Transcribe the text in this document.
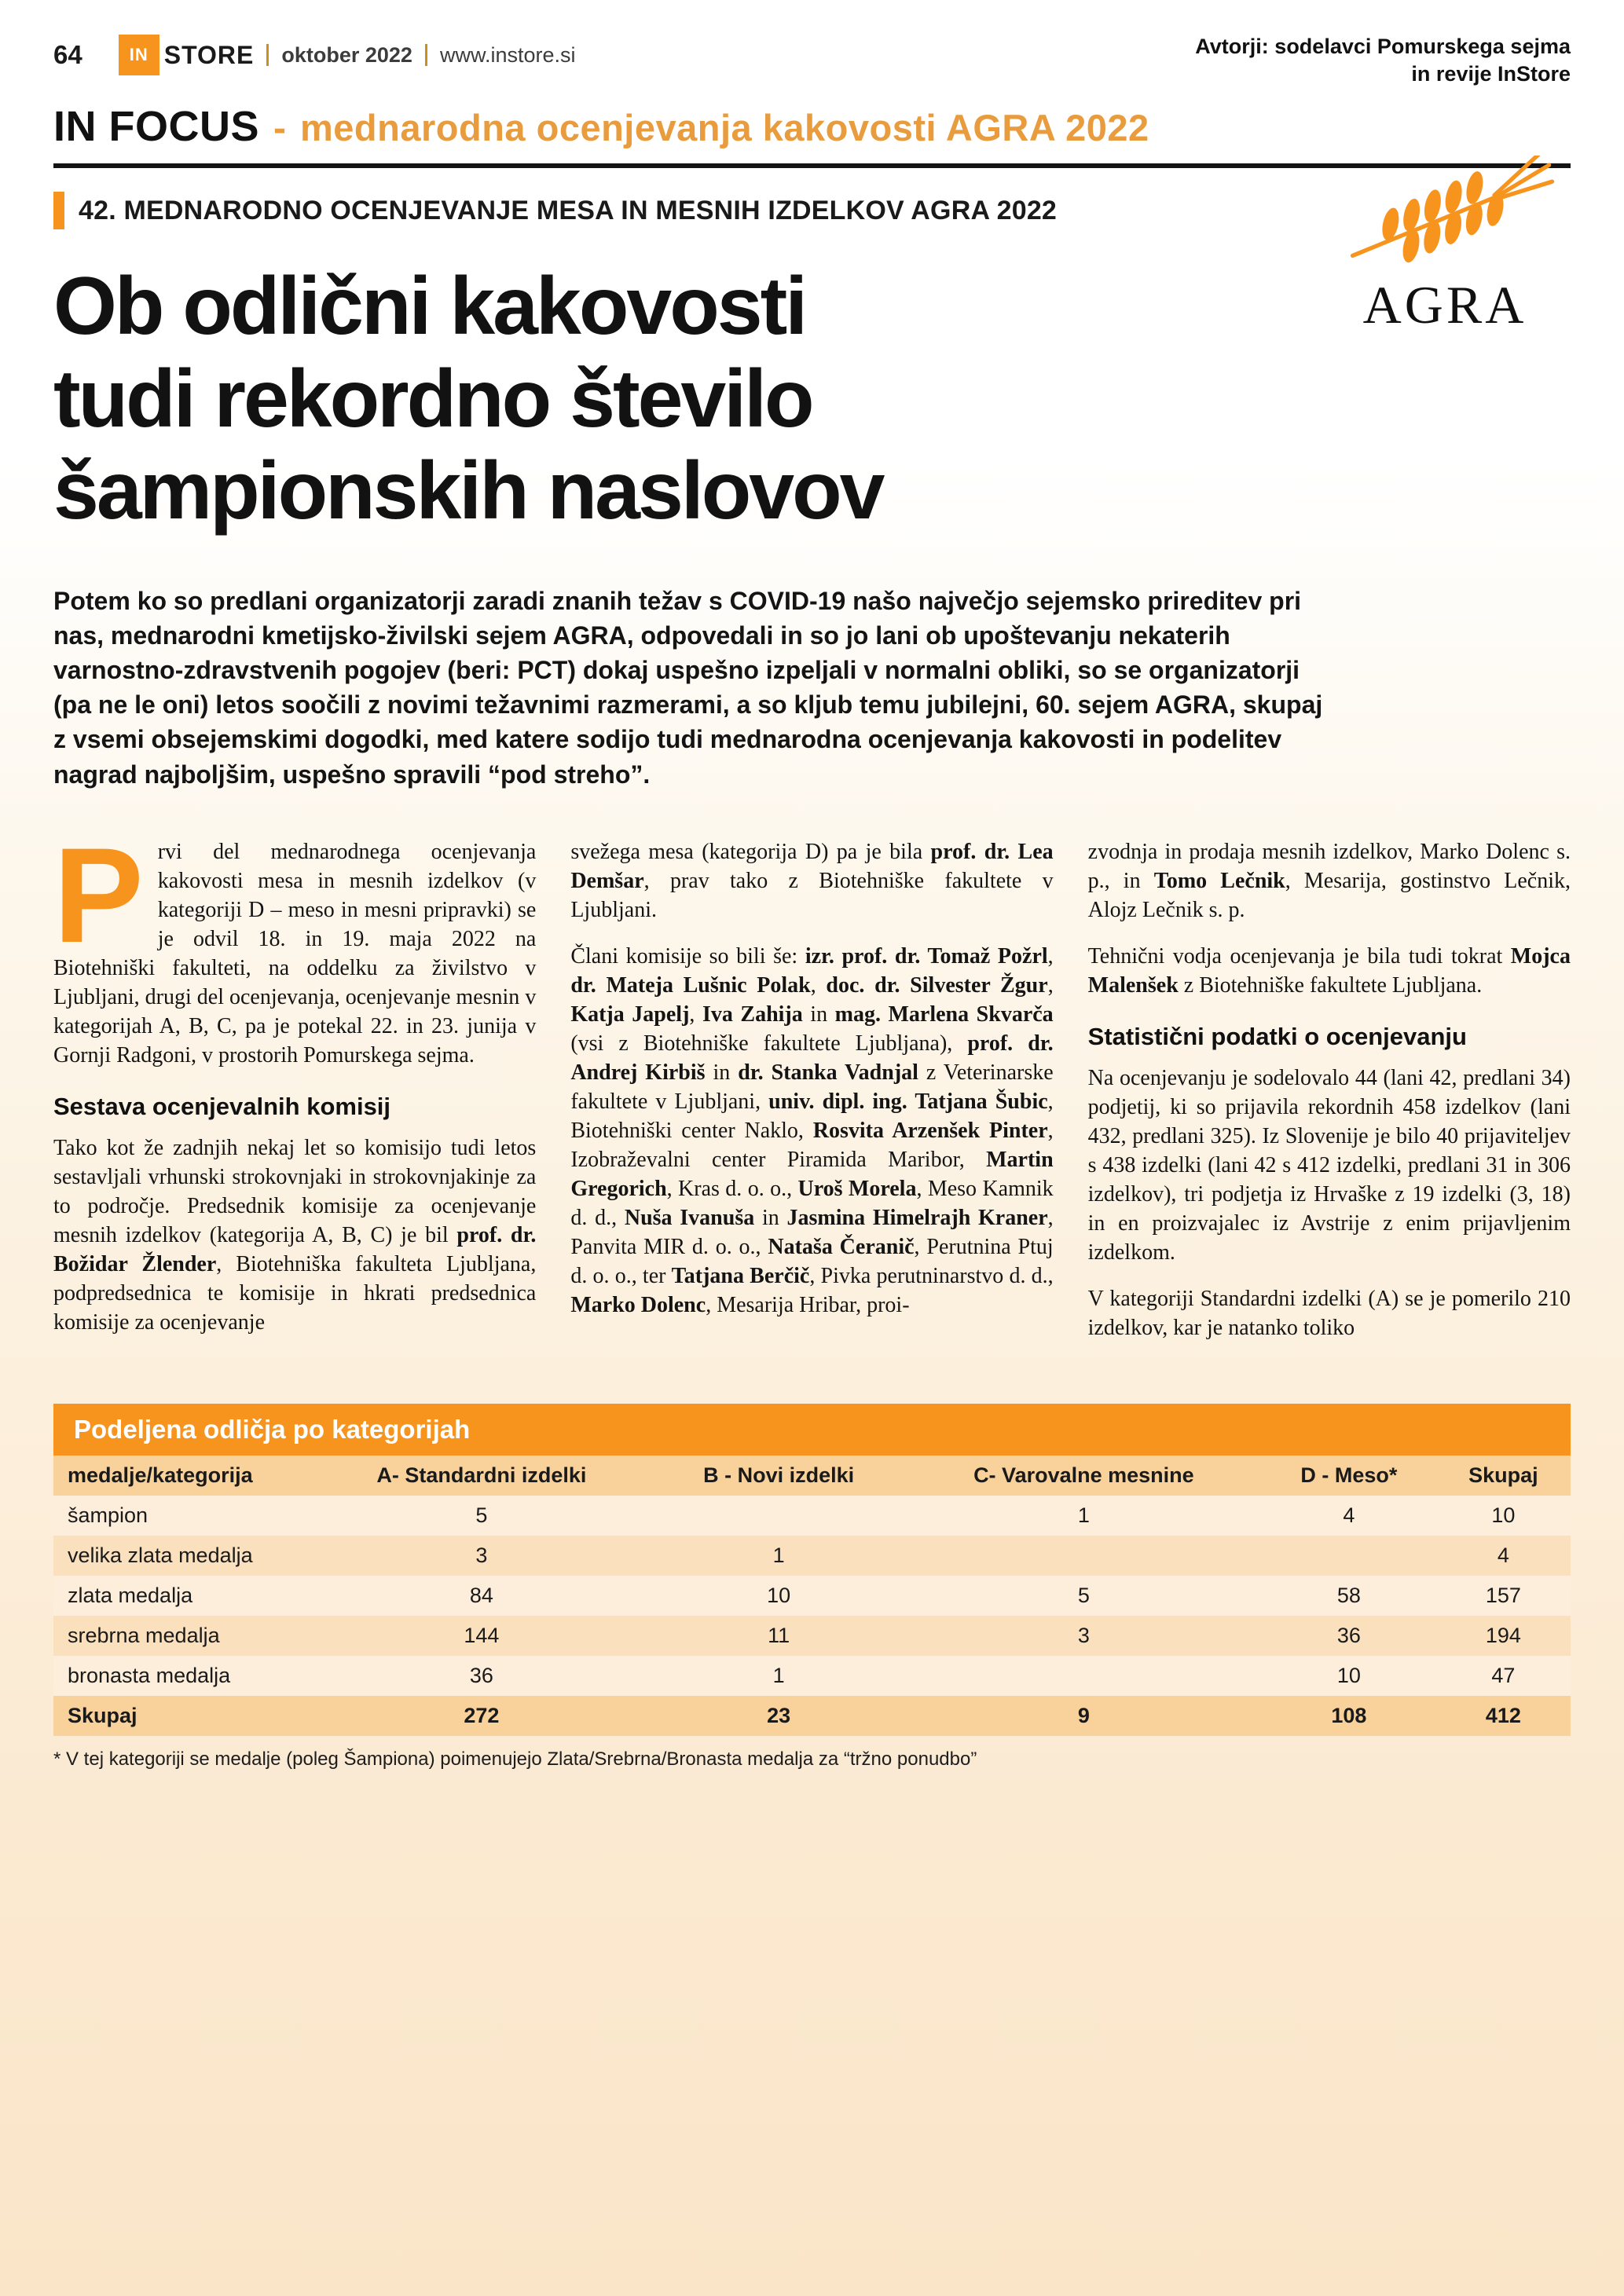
64	IN STORE oktober 2022 www.instore.si	Avtorji: sodelavci Pomurskega sejma
in revije InStore
IN FOCUS - mednarodna ocenjevanja kakovosti AGRA 2022
42. MEDNARODNO OCENJEVANJE MESA IN MESNIH IZDELKOV AGRA 2022
Ob odlični kakovosti
tudi rekordno število
šampionskih naslovov

Potem ko so predlani organizatorji zaradi znanih težav s COVID-19 našo največjo sejemsko prireditev pri nas, mednarodni kmetijsko-živilski sejem AGRA, odpovedali in so jo lani ob upoštevanju nekaterih varnostno-zdravstvenih pogojev (beri: PCT) dokaj uspešno izpeljali v normalni obliki, so se organizatorji (pa ne le oni) letos soočili z novimi težavnimi razmerami, a so kljub temu jubilejni, 60. sejem AGRA, skupaj z vsemi obsejemskimi dogodki, med katere sodijo tudi mednarodna ocenjevanja kakovosti in podelitev nagrad najboljšim, uspešno spravili “pod streho”.

Prvi del mednarodnega ocenjevanja kakovosti mesa in mesnih izdelkov (v kategoriji D – meso in mesni pripravki) se je odvil 18. in 19. maja 2022 na Biotehniški fakulteti, na oddelku za živilstvo v Ljubljani, drugi del ocenjevanja, ocenjevanje mesnin v kategorijah A, B, C, pa je potekal 22. in 23. junija v Gornji Radgoni, v prostorih Pomurskega sejma.

Sestava ocenjevalnih komisij

Tako kot že zadnjih nekaj let so komisijo tudi letos sestavljali vrhunski strokovnjaki in strokovnjakinje za to področje. Predsednik komisije za ocenjevanje mesnih izdelkov (kategorija A, B, C) je bil prof. dr. Božidar Žlender, Biotehniška fakulteta Ljubljana, podpredsednica te komisije in hkrati predsednica komisije za ocenjevanje

svežega mesa (kategorija D) pa je bila prof. dr. Lea Demšar, prav tako z Biotehniške fakultete v Ljubljani.

Člani komisije so bili še: izr. prof. dr. Tomaž Požrl, dr. Mateja Lušnic Polak, doc. dr. Silvester Žgur, Katja Japelj, Iva Zahija in mag. Marlena Skvarča (vsi z Biotehniške fakultete Ljubljana), prof. dr. Andrej Kirbiš in dr. Stanka Vadnjal z Veterinarske fakultete v Ljubljani, univ. dipl. ing. Tatjana Šubic, Biotehniški center Naklo, Rosvita Arzenšek Pinter, Izobraževalni center Piramida Maribor, Martin Gregorich, Kras d. o. o., Uroš Morela, Meso Kamnik d. d., Nuša Ivanuša in Jasmina Himelrajh Kraner, Panvita MIR d. o. o., Nataša Čeranič, Perutnina Ptuj d. o. o., ter Tatjana Berčič, Pivka perutninarstvo d. d., Marko Dolenc, Mesarija Hribar, proi-

zvodnja in prodaja mesnih izdelkov, Marko Dolenc s. p., in Tomo Lečnik, Mesarija, gostinstvo Lečnik, Alojz Lečnik s. p.

Tehnični vodja ocenjevanja je bila tudi tokrat Mojca Malenšek z Biotehniške fakultete Ljubljana.

Statistični podatki o ocenjevanju

Na ocenjevanju je sodelovalo 44 (lani 42, predlani 34) podjetij, ki so prijavila rekordnih 458 izdelkov (lani 432, predlani 325). Iz Slovenije je bilo 40 prijaviteljev s 438 izdelki (lani 42 s 412 izdelki, predlani 31 in 306 izdelkov), tri podjetja iz Hrvaške z 19 izdelki (3, 18) in en proizvajalec iz Avstrije z enim prijavljenim izdelkom.

V kategoriji Standardni izdelki (A) se je pomerilo 210 izdelkov, kar je natanko toliko

Podeljena odličja po kategorijah
medalje/kategorija	A- Standardni izdelki	B - Novi izdelki	C- Varovalne mesnine	D - Meso*	Skupaj
šampion	5		1	4	10
velika zlata medalja	3	1			4
zlata medalja	84	10	5	58	157
srebrna medalja	144	11	3	36	194
bronasta medalja	36	1		10	47
Skupaj	272	23	9	108	412

* V tej kategoriji se medalje (poleg Šampiona) poimenujejo Zlata/Srebrna/Bronasta medalja za “tržno ponudbo”

AGRA
